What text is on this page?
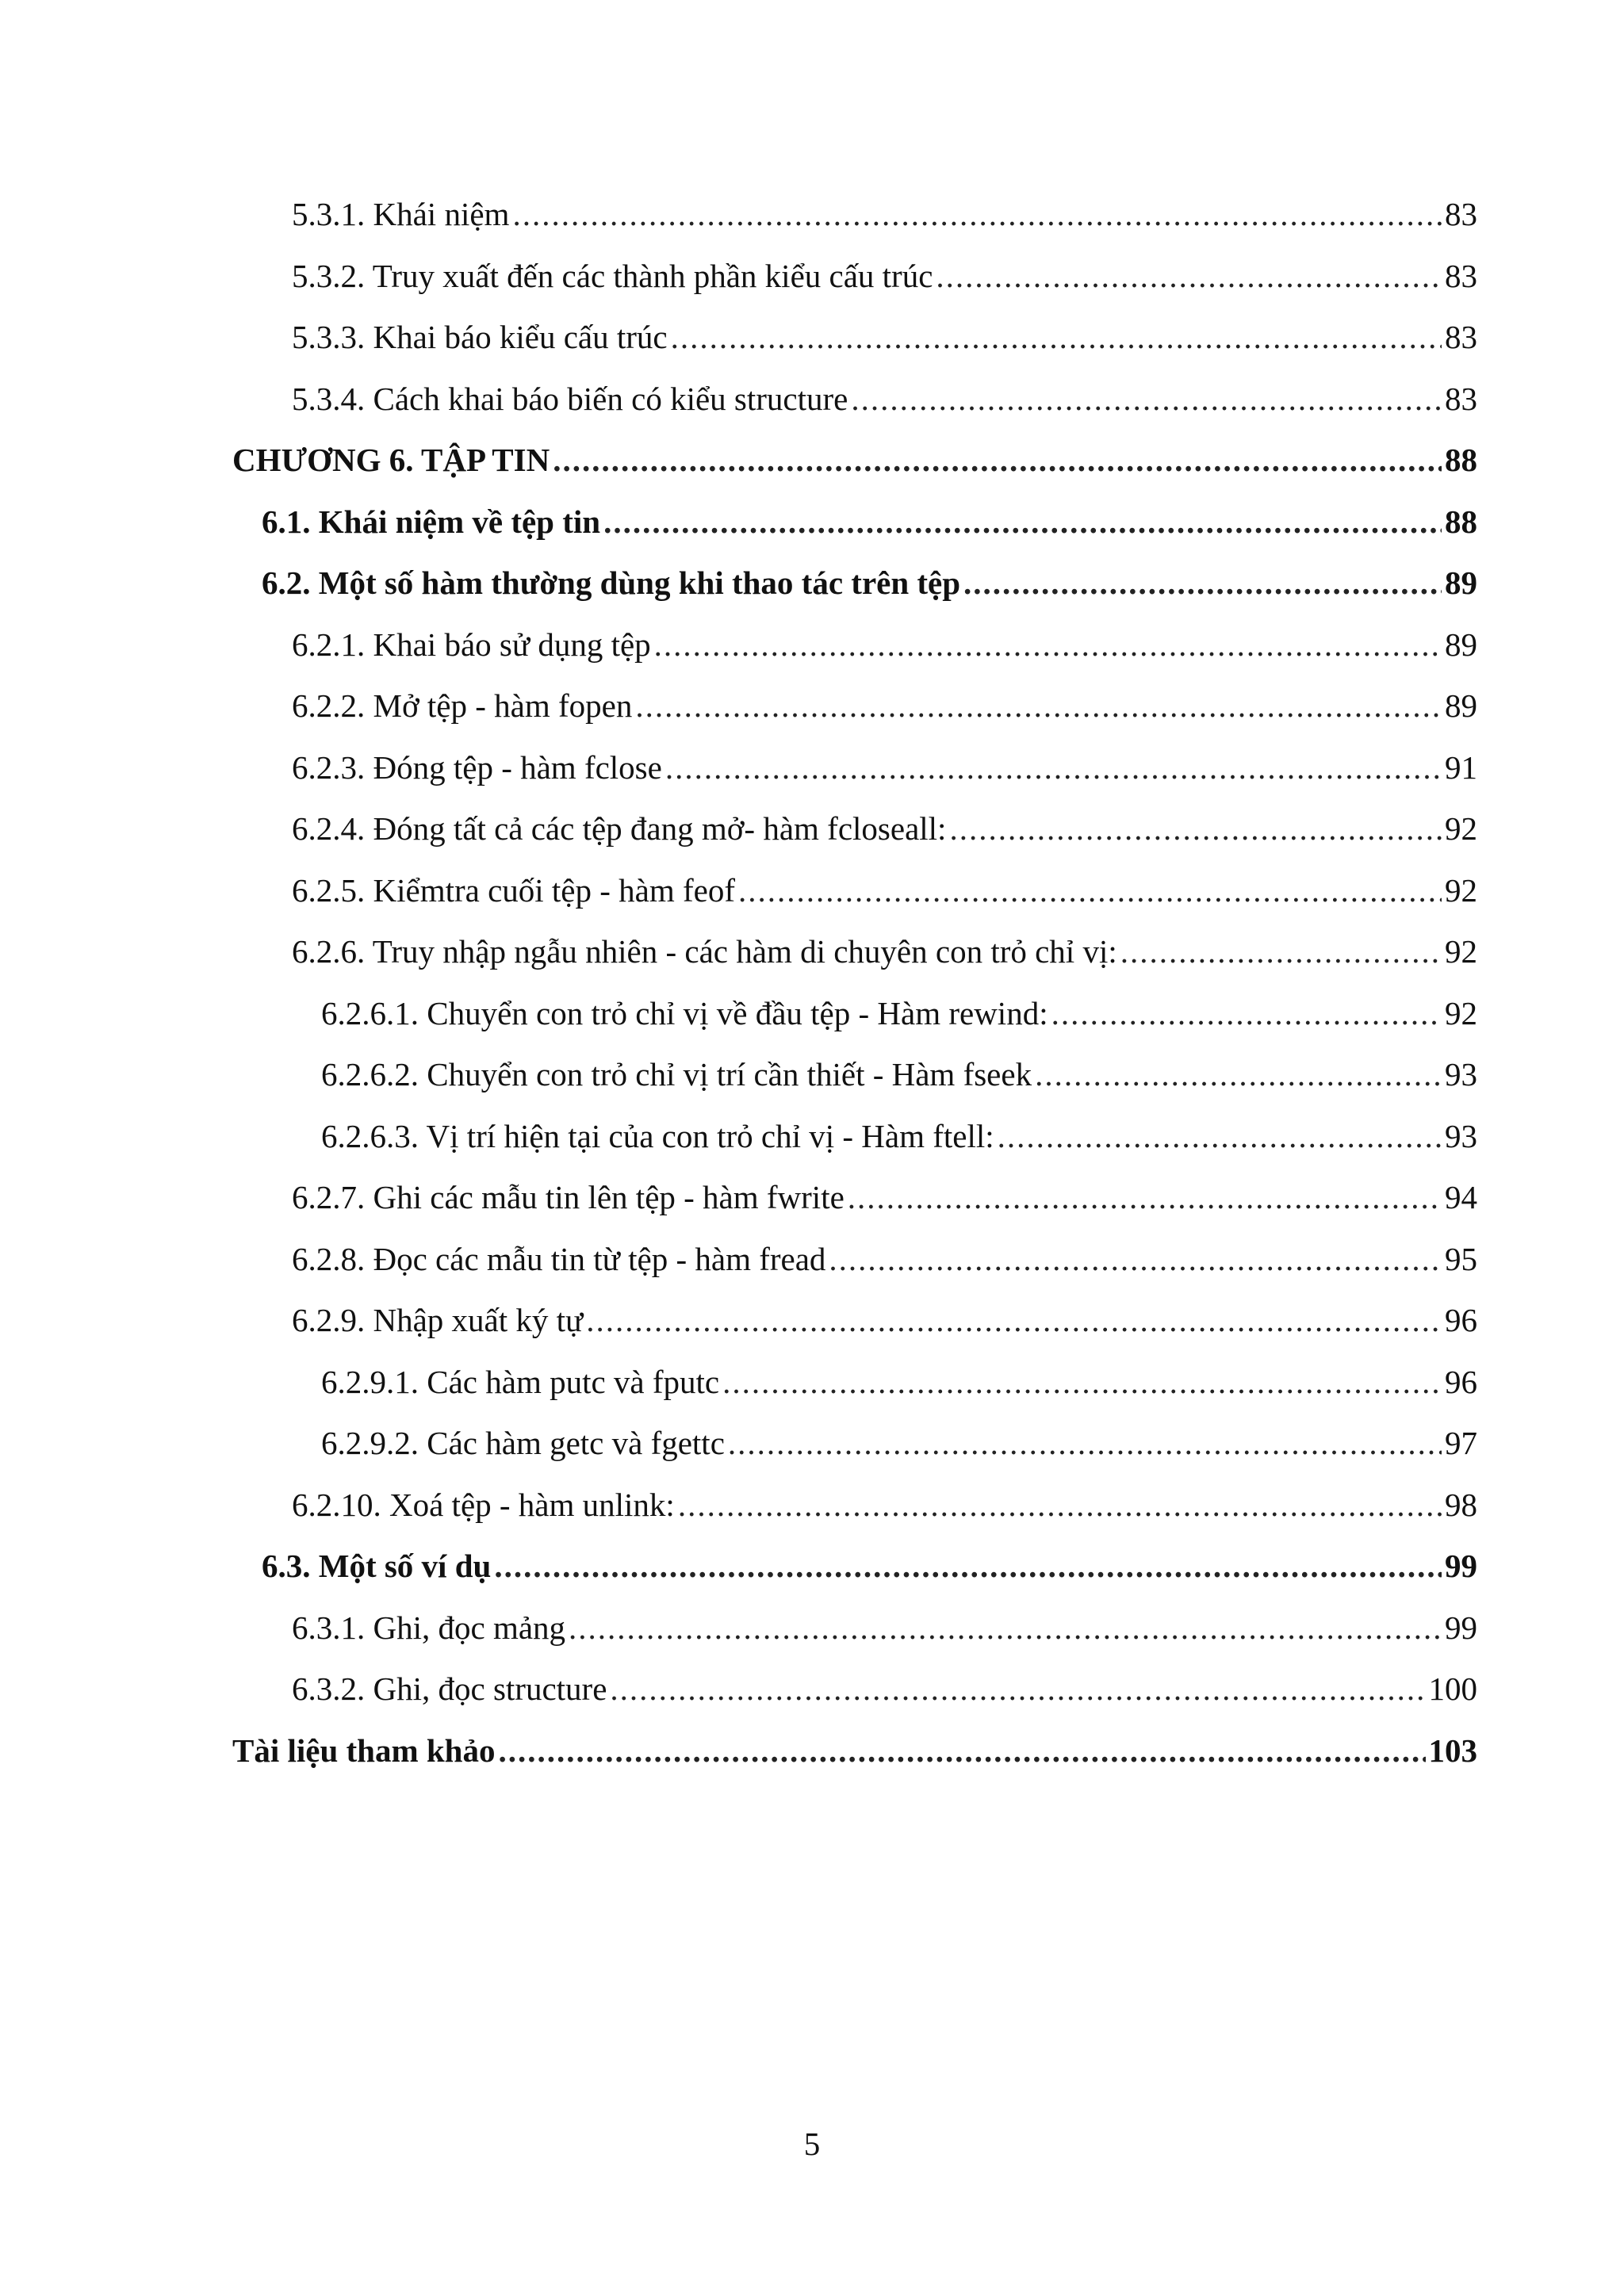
5.3.1. Khái niệm .....	83
5.3.2. Truy xuất đến các thành phần kiểu cấu trúc .....	83
5.3.3. Khai báo kiểu cấu trúc .....	83
5.3.4. Cách khai báo biến có kiểu structure .....	83
CHƯƠNG 6. TẬP TIN .....	88
6.1. Khái niệm về tệp tin .....	88
6.2. Một số hàm thường dùng khi thao tác trên tệp .....	89
6.2.1. Khai báo sử dụng tệp .....	89
6.2.2. Mở tệp - hàm fopen .....	89
6.2.3. Đóng tệp - hàm fclose .....	91
6.2.4. Đóng tất cả các tệp đang mở- hàm fcloseall: .....	92
6.2.5. Kiểmtra cuối tệp - hàm feof .....	92
6.2.6. Truy nhập ngẫu nhiên - các hàm di chuyên con trỏ chỉ vị: .....	92
6.2.6.1. Chuyển con trỏ chỉ vị về đầu tệp - Hàm rewind: .....	92
6.2.6.2. Chuyển con trỏ chỉ vị trí cần thiết - Hàm fseek .....	93
6.2.6.3. Vị trí hiện tại của con trỏ chỉ vị - Hàm ftell: .....	93
6.2.7. Ghi các mẫu tin lên tệp - hàm fwrite .....	94
6.2.8. Đọc các mẫu tin từ tệp - hàm fread .....	95
6.2.9. Nhập xuất ký tự .....	96
6.2.9.1. Các hàm putc và fputc .....	96
6.2.9.2. Các hàm getc và fgettc .....	97
6.2.10. Xoá tệp - hàm unlink: .....	98
6.3. Một số ví dụ .....	99
6.3.1. Ghi, đọc mảng .....	99
6.3.2. Ghi, đọc structure .....	100
Tài liệu tham khảo .....	103
5
